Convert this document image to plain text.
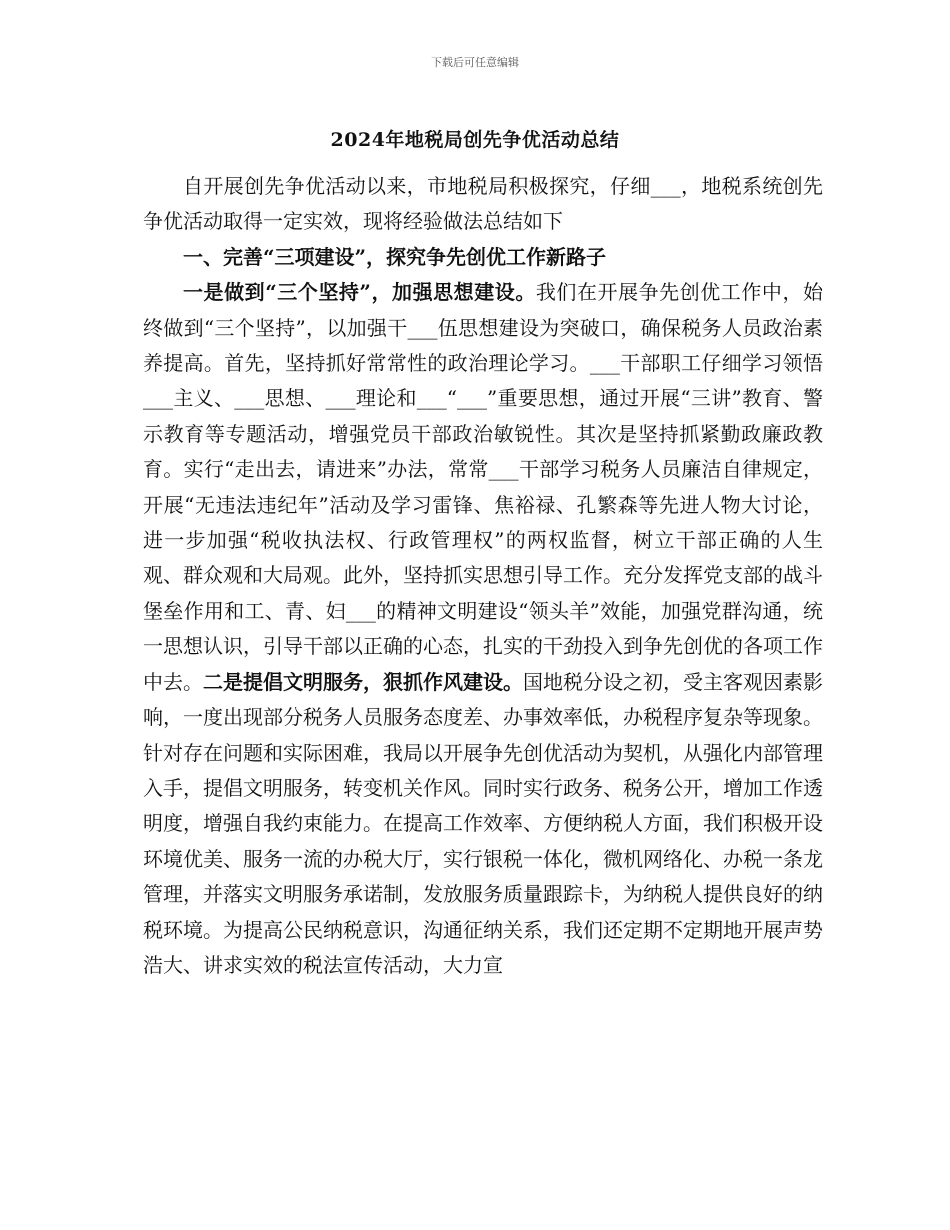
下载后可任意编辑
2024年地税局创先争优活动总结

自开展创先争优活动以来，市地税局积极探究，仔细___，地税系统创先争优活动取得一定实效，现将经验做法总结如下

一、完善“三项建设”，探究争先创优工作新路子

一是做到“三个坚持”，加强思想建设。我们在开展争先创优工作中，始终做到“三个坚持”，以加强干___伍思想建设为突破口，确保税务人员政治素养提高。首先，坚持抓好常常性的政治理论学习。___干部职工仔细学习领悟___主义、___思想、___理论和___“___”重要思想，通过开展“三讲”教育、警示教育等专题活动，增强党员干部政治敏锐性。其次是坚持抓紧勤政廉政教育。实行“走出去，请进来”办法，常常___干部学习税务人员廉洁自律规定，开展“无违法违纪年”活动及学习雷锋、焦裕禄、孔繁森等先进人物大讨论，进一步加强“税收执法权、行政管理权”的两权监督，树立干部正确的人生观、群众观和大局观。此外，坚持抓实思想引导工作。充分发挥党支部的战斗堡垒作用和工、青、妇___的精神文明建设“领头羊”效能，加强党群沟通，统一思想认识，引导干部以正确的心态，扎实的干劲投入到争先创优的各项工作中去。二是提倡文明服务，狠抓作风建设。国地税分设之初，受主客观因素影响，一度出现部分税务人员服务态度差、办事效率低，办税程序复杂等现象。针对存在问题和实际困难，我局以开展争先创优活动为契机，从强化内部管理入手，提倡文明服务，转变机关作风。同时实行政务、税务公开，增加工作透明度，增强自我约束能力。在提高工作效率、方便纳税人方面，我们积极开设环境优美、服务一流的办税大厅，实行银税一体化，微机网络化、办税一条龙管理，并落实文明服务承诺制，发放服务质量跟踪卡，为纳税人提供良好的纳税环境。为提高公民纳税意识，沟通征纳关系，我们还定期不定期地开展声势浩大、讲求实效的税法宣传活动，大力宣
